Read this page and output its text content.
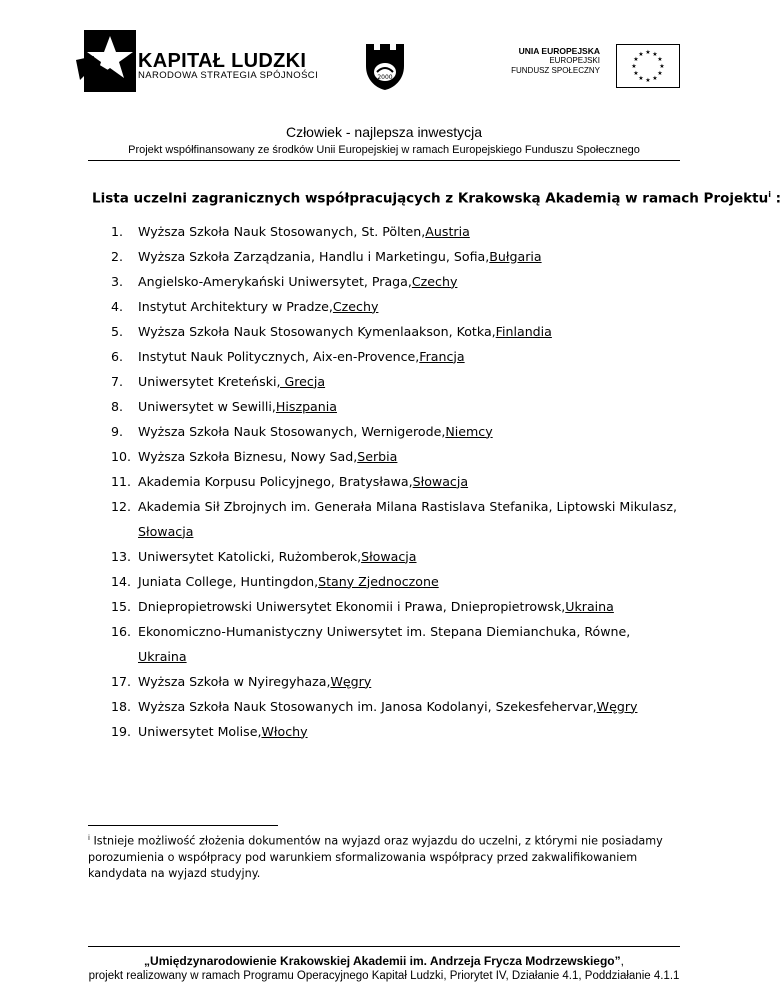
KAPITAŁ LUDZKI
NARODOWA STRATEGIA SPÓJNOŚCI	2000
UNIA EUROPEJSKA
EUROPEJSKI
FUNDUSZ SPOŁECZNY
★ ★
★
★
★
★
★
★
★
★
★
★
Człowiek - najlepsza inwestycja
Projekt współfinansowany ze środków Unii Europejskiej w ramach Europejskiego Funduszu Społecznego
Lista uczelni zagranicznych współpracujących z Krakowską Akademią w ramach Projektu$^i$ :
1.	Wyższa Szkoła Nauk Stosowanych, St. Pölten, Austria
2.	Wyższa Szkoła Zarządzania, Handlu i Marketingu, Sofia, Bułgaria
3.	Angielsko-Amerykański Uniwersytet, Praga, Czechy
4.	Instytut Architektury w Pradze, Czechy
5.	Wyższa Szkoła Nauk Stosowanych Kymenlaakson, Kotka, Finlandia
6.	Instytut Nauk Politycznych, Aix-en-Provence, Francja
7.	Uniwersytet Kreteński , Grecja
8.	Uniwersytet w Sewilli, Hiszpania
9.	Wyższa Szkoła Nauk Stosowanych, Wernigerode, Niemcy
10. Wyższa Szkoła Biznesu, Nowy Sad, Serbia
11. Akademia Korpusu Policyjnego, Bratysława, Słowacja
12. Akademia Sił Zbrojnych im. Generała Milana Rastislava Stefanika, Liptowski Mikulasz,
Słowacja
13. Uniwersytet Katolicki, Rużomberok, Słowacja
14. Juniata College, Huntingdon, Stany Zjednoczone
15. Dniepropietrowski Uniwersytet Ekonomii i Prawa, Dniepropietrowsk, Ukraina
16. Ekonomiczno-Humanistyczny Uniwersytet im. Stepana Diemianchuka, Równe,
Ukraina
17. Wyższa Szkoła w Nyiregyhaza, Węgry
18. Wyższa Szkoła Nauk Stosowanych im. Janosa Kodolanyi, Szekesfehervar, Węgry
19. Uniwersytet Molise, Włochy
$^i$ Istnieje możliwość złożenia dokumentów na wyjazd oraz wyjazdu do uczelni, z którymi nie posiadamy porozumienia o współpracy pod warunkiem sformalizowania współpracy przed zakwalifikowaniem kandydata na wyjazd studyjny.
„Umiędzynarodowienie Krakowskiej Akademii im. Andrzeja Frycza Modrzewskiego”,
projekt realizowany w ramach Programu Operacyjnego Kapitał Ludzki, Priorytet IV, Działanie 4.1, Poddziałanie 4.1.1
